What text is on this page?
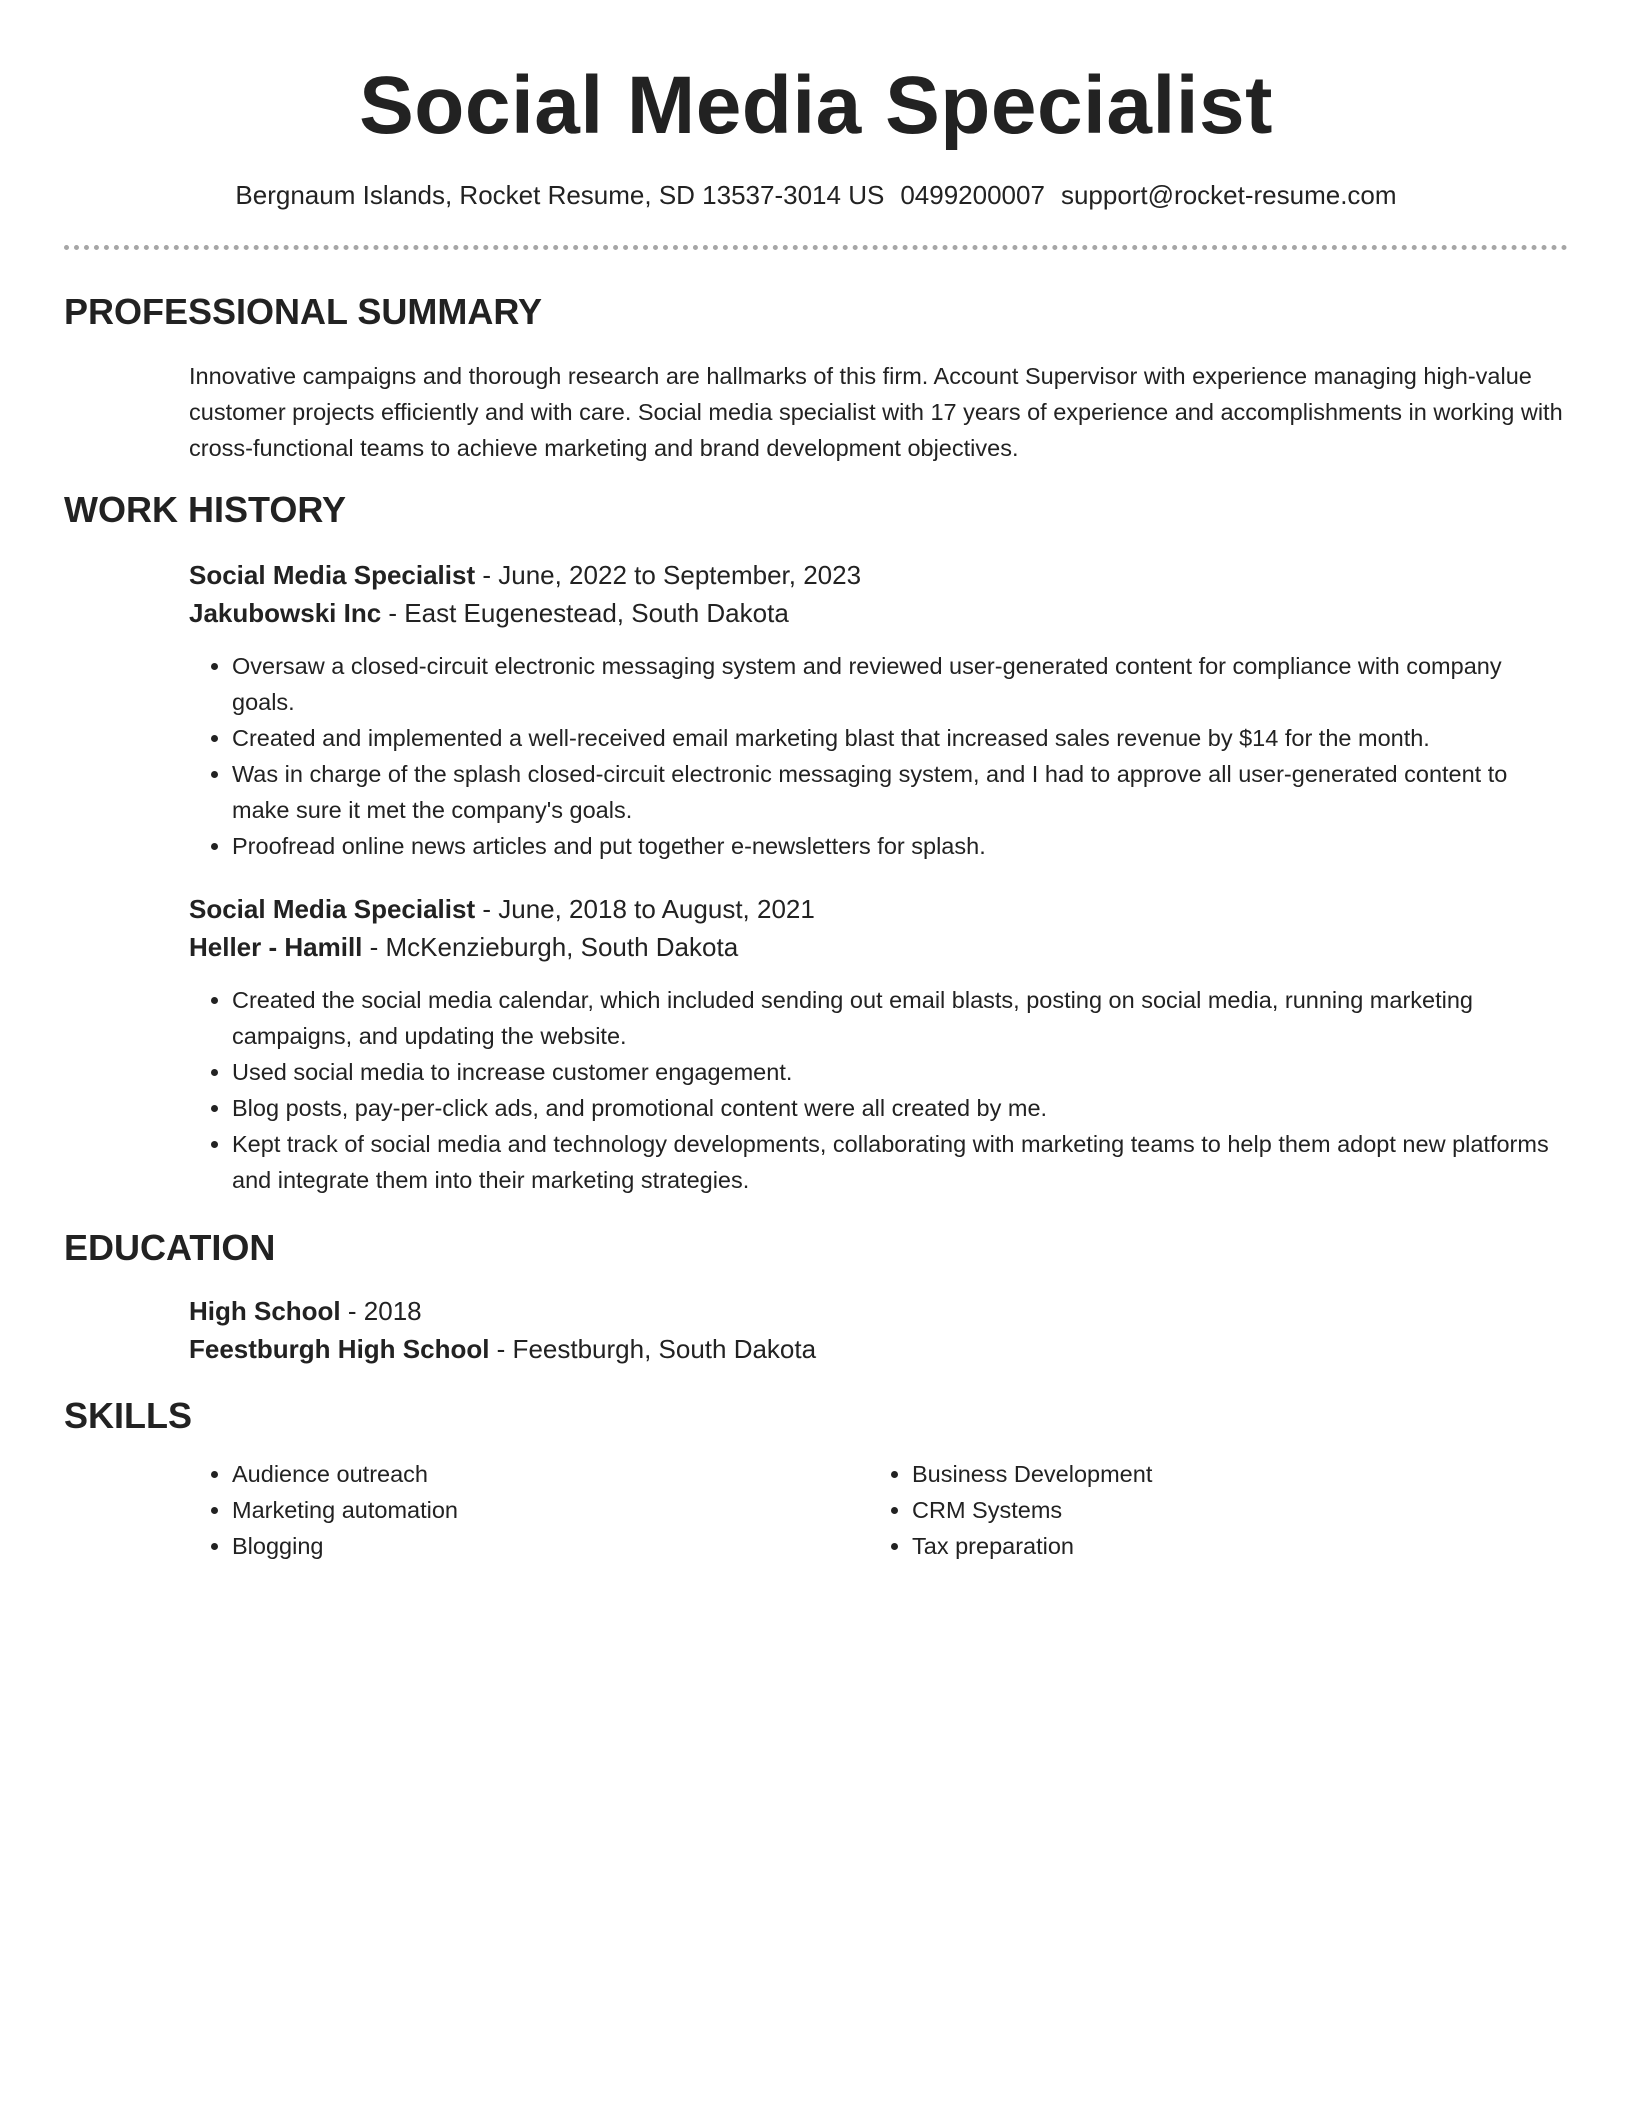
Social Media Specialist
Bergnaum Islands, Rocket Resume, SD 13537-3014 US 0499200007 support@rocket-resume.com
PROFESSIONAL SUMMARY
Innovative campaigns and thorough research are hallmarks of this firm. Account Supervisor with experience managing high-value customer projects efficiently and with care. Social media specialist with 17 years of experience and accomplishments in working with cross-functional teams to achieve marketing and brand development objectives.
WORK HISTORY
Social Media Specialist - June, 2022 to September, 2023
Jakubowski Inc - East Eugenestead, South Dakota
• Oversaw a closed-circuit electronic messaging system and reviewed user-generated content for compliance with company goals.
• Created and implemented a well-received email marketing blast that increased sales revenue by $14 for the month.
• Was in charge of the splash closed-circuit electronic messaging system, and I had to approve all user-generated content to make sure it met the company's goals.
• Proofread online news articles and put together e-newsletters for splash.
Social Media Specialist - June, 2018 to August, 2021
Heller - Hamill - McKenzieburgh, South Dakota
• Created the social media calendar, which included sending out email blasts, posting on social media, running marketing campaigns, and updating the website.
• Used social media to increase customer engagement.
• Blog posts, pay-per-click ads, and promotional content were all created by me.
• Kept track of social media and technology developments, collaborating with marketing teams to help them adopt new platforms and integrate them into their marketing strategies.
EDUCATION
High School - 2018
Feestburgh High School - Feestburgh, South Dakota
SKILLS
• Audience outreach
• Marketing automation
• Blogging
• Business Development
• CRM Systems
• Tax preparation
